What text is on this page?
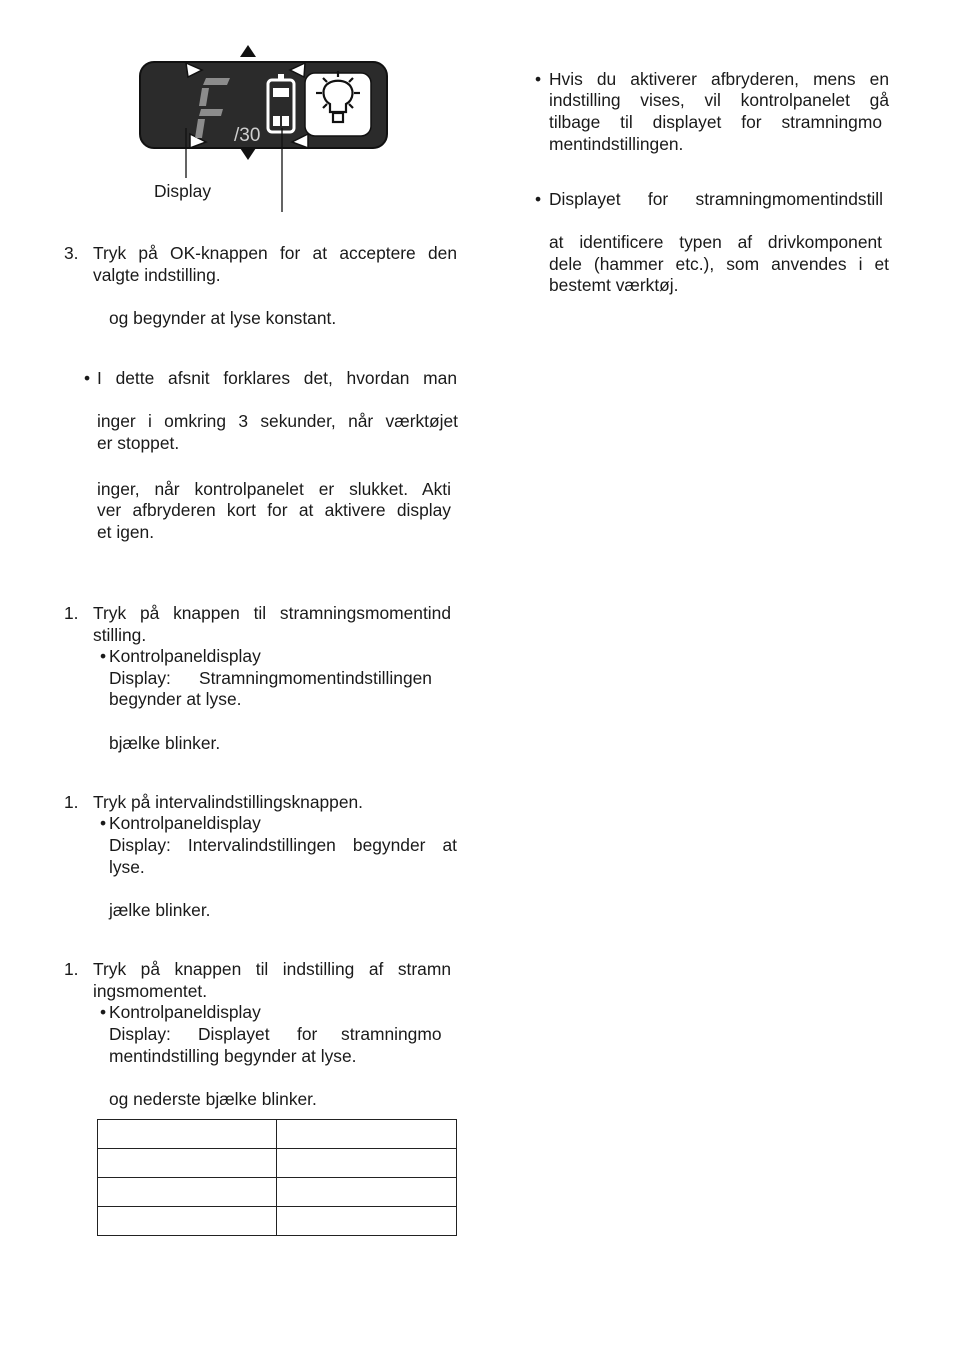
/30
Display
3. Tryk på OK-knappen for at acceptere den
valgte indstilling.
og begynder at lyse konstant.
• I dette afsnit forklares det, hvordan man
inger i omkring 3 sekunder, når værktøjet
er stoppet.
inger, når kontrolpanelet er slukket. Akti
ver afbryderen kort for at aktivere display
et igen.
1. Tryk på knappen til stramningsmomentind
stilling.
• Kontrolpaneldisplay
Display: Stramningmomentindstillingen
begynder at lyse.
bjælke blinker.
1. Tryk på intervalindstillingsknappen.
• Kontrolpaneldisplay
Display: Intervalindstillingen begynder at
lyse.
jælke blinker.
1. Tryk på knappen til indstilling af stramn
ingsmomentet.
• Kontrolpaneldisplay
Display: Displayet for stramningmo
mentindstilling begynder at lyse.
og nederste bjælke blinker.

• Hvis du aktiverer afbryderen, mens en
indstilling vises, vil kontrolpanelet gå
tilbage til displayet for stramningmo
mentindstillingen.
• Displayet for stramningmomentindstill
at identificere typen af drivkomponent
dele (hammer etc.), som anvendes i et
bestemt værktøj.
